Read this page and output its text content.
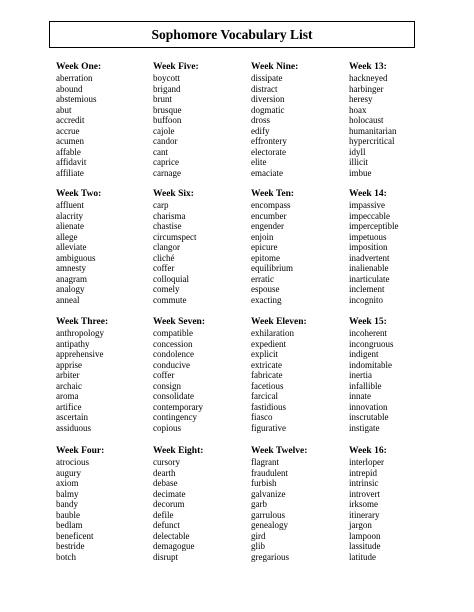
Sophomore Vocabulary List
Week One:
aberration
abound
abstemious
abut
accredit
accrue
acumen
affable
affidavit
affiliate
Week Two:
affluent
alacrity
alienate
allege
alleviate
ambiguous
amnesty
anagram
analogy
anneal
Week Three:
anthropology
antipathy
apprehensive
apprise
arbiter
archaic
aroma
artifice
ascertain
assiduous
Week Four:
atrocious
augury
axiom
balmy
bandy
bauble
bedlam
beneficent
bestride
botch
Week Five:
boycott
brigand
brunt
brusque
buffoon
cajole
candor
cant
caprice
carnage
Week Six:
carp
charisma
chastise
circumspect
clangor
cliché
coffer
colloquial
comely
commute
Week Seven:
compatible
concession
condolence
conducive
coffer
consign
consolidate
contemporary
contingency
copious
Week Eight:
cursory
dearth
debase
decimate
decorum
defile
defunct
delectable
demagogue
disrupt
Week Nine:
dissipate
distract
diversion
dogmatic
dross
edify
effrontery
electorate
elite
emaciate
Week Ten:
encompass
encumber
engender
enjoin
epicure
epitome
equilibrium
erratic
espouse
exacting
Week Eleven:
exhilaration
expedient
explicit
extricate
fabricate
facetious
farcical
fastidious
fiasco
figurative
Week Twelve:
flagrant
fraudulent
furbish
galvanize
garb
garrulous
genealogy
gird
glib
gregarious
Week 13:
hackneyed
harbinger
heresy
hoax
holocaust
humanitarian
hypercritical
idyll
illicit
imbue
Week 14:
impassive
impeccable
imperceptible
impetuous
imposition
inadvertent
inalienable
inarticulate
inclement
incognito
Week 15:
incoherent
incongruous
indigent
indomitable
inertia
infallible
innate
innovation
inscrutable
instigate
Week 16:
interloper
intrepid
intrinsic
introvert
irksome
itinerary
jargon
lampoon
lassitude
latitude
